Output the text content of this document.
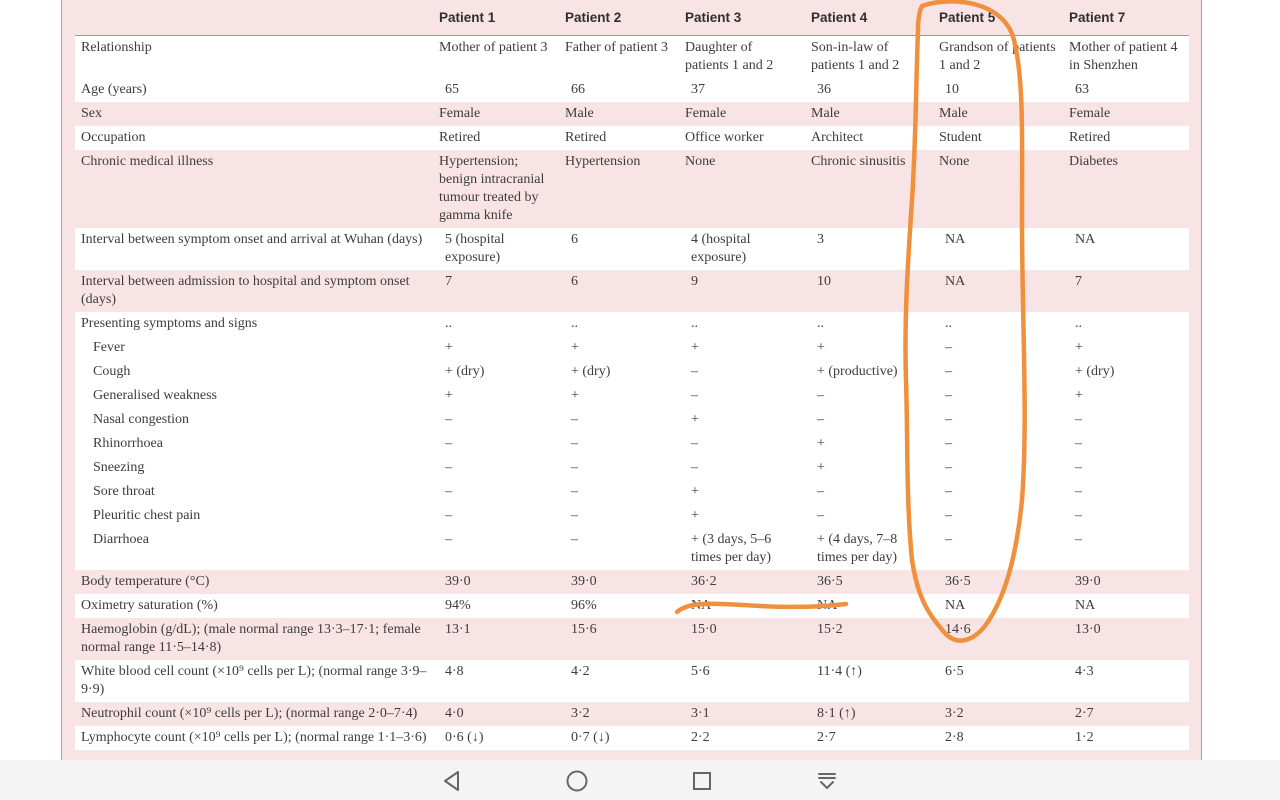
	Patient 1	Patient 2	Patient 3	Patient 4	Patient 5	Patient 7
Relationship	Mother of patient 3	Father of patient 3	Daughter of patients 1 and 2	Son-in-law of patients 1 and 2	Grandson of patients 1 and 2	Mother of patient 4 in Shenzhen
Age (years)	65	66	37	36	10	63
Sex	Female	Male	Female	Male	Male	Female
Occupation	Retired	Retired	Office worker	Architect	Student	Retired
Chronic medical illness	Hypertension; benign intracranial tumour treated by gamma knife	Hypertension	None	Chronic sinusitis	None	Diabetes
Interval between symptom onset and arrival at Wuhan (days)	5 (hospital exposure)	6	4 (hospital exposure)	3	NA	NA
Interval between admission to hospital and symptom onset (days)	7	6	9	10	NA	7
Presenting symptoms and signs	..	..	..	..	..	..
Fever	+	+	+	+	–	+
Cough	+ (dry)	+ (dry)	–	+ (productive)	–	+ (dry)
Generalised weakness	+	+	–	–	–	+
Nasal congestion	–	–	+	–	–	–
Rhinorrhoea	–	–	–	+	–	–
Sneezing	–	–	–	+	–	–
Sore throat	–	–	+	–	–	–
Pleuritic chest pain	–	–	+	–	–	–
Diarrhoea	–	–	+ (3 days, 5–6 times per day)	+ (4 days, 7–8 times per day)	–	–
Body temperature (°C)	39·0	39·0	36·2	36·5	36·5	39·0
Oximetry saturation (%)	94%	96%	NA	NA	NA	NA
Haemoglobin (g/dL); (male normal range 13·3–17·1; female normal range 11·5–14·8)	13·1	15·6	15·0	15·2	14·6	13·0
White blood cell count (×10⁹ cells per L); (normal range 3·9–9·9)	4·8	4·2	5·6	11·4 (↑)	6·5	4·3
Neutrophil count (×10⁹ cells per L); (normal range 2·0–7·4)	4·0	3·2	3·1	8·1 (↑)	3·2	2·7
Lymphocyte count (×10⁹ cells per L); (normal range 1·1–3·6)	0·6 (↓)	0·7 (↓)	2·2	2·7	2·8	1·2
